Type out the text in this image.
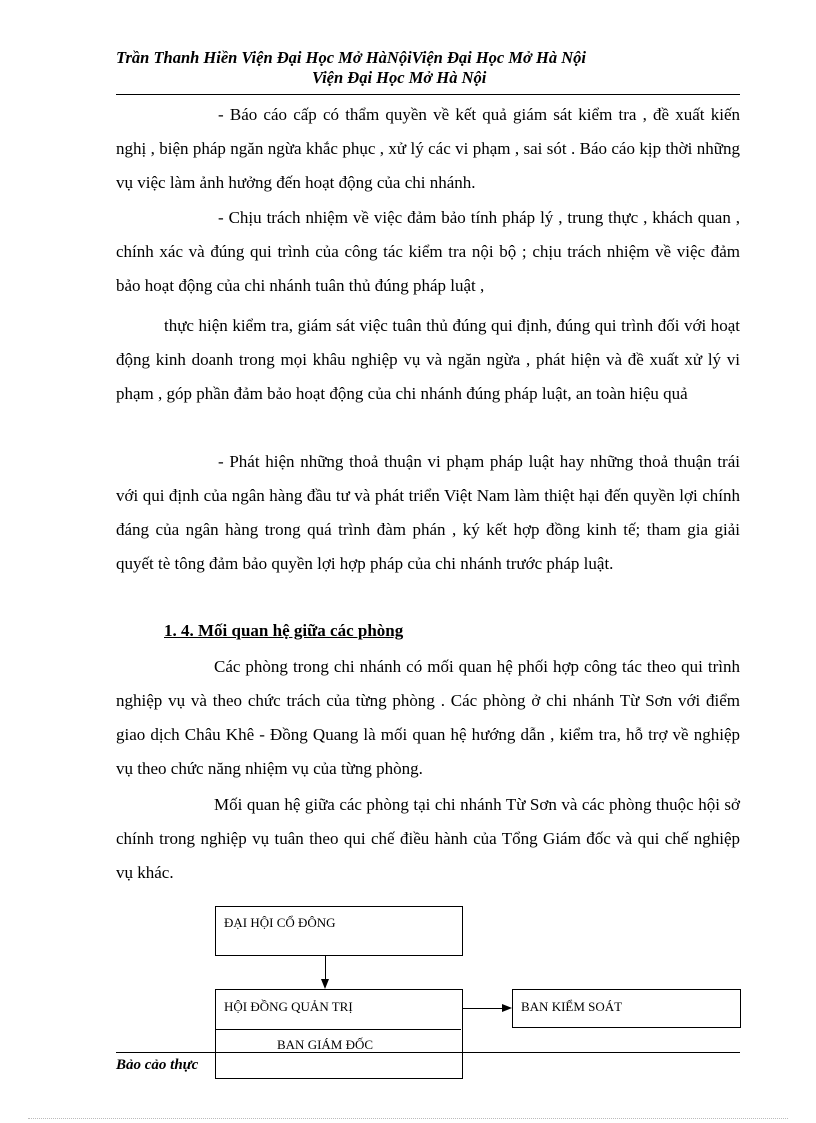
Trần Thanh Hiền Viện Đại Học Mở HàNộiViện Đại Học Mở Hà Nội
Viện Đại Học Mở Hà Nội
- Báo cáo cấp có thẩm quyền về kết quả giám sát kiểm tra , đề xuất kiến nghị , biện pháp ngăn ngừa khắc phục , xử lý các vi phạm , sai sót . Báo cáo kịp thời những vụ việc làm ảnh hưởng đến hoạt động của chi nhánh.
- Chịu trách nhiệm về việc đảm bảo tính pháp lý , trung thực , khách quan , chính xác và đúng qui trình của công tác kiểm tra nội bộ ; chịu trách nhiệm về việc đảm bảo hoạt động của chi nhánh tuân thủ đúng pháp luật ,
thực hiện kiểm tra, giám sát việc tuân thủ đúng qui định, đúng qui trình đối với hoạt động kinh doanh trong mọi khâu nghiệp vụ và ngăn ngừa , phát hiện và đề xuất xử lý vi phạm , góp phần đảm bảo hoạt động của chi nhánh đúng pháp luật, an toàn hiệu quả
- Phát hiện những thoả thuận vi phạm pháp luật hay những thoả thuận trái với qui định của ngân hàng đầu tư và phát triển Việt Nam làm thiệt hại đến quyền lợi chính đáng của ngân hàng trong quá trình đàm phán , ký kết hợp đồng kinh tế; tham gia giải quyết tè tông đảm bảo quyền lợi hợp pháp của chi nhánh trước pháp luật.
1. 4. Mối quan hệ giữa các phòng
Các phòng trong chi nhánh có mối quan hệ phối hợp công tác theo qui trình nghiệp vụ và theo chức trách của từng phòng . Các phòng ở chi nhánh Từ Sơn với điểm giao dịch Châu Khê - Đồng Quang là mối quan hệ hướng dẫn , kiểm tra, hỗ trợ về nghiệp vụ theo chức năng nhiệm vụ của từng phòng.
Mối quan hệ giữa các phòng tại chi nhánh Từ Sơn và các phòng thuộc hội sở chính trong nghiệp vụ tuân theo qui chế điều hành của Tổng Giám đốc và qui chế nghiệp vụ khác.
ĐẠI HỘI CỔ ĐÔNG
HỘI ĐỒNG QUẢN TRỊ
BAN GIÁM ĐỐC
BAN KIỂM SOÁT
Bảo cảo thực
